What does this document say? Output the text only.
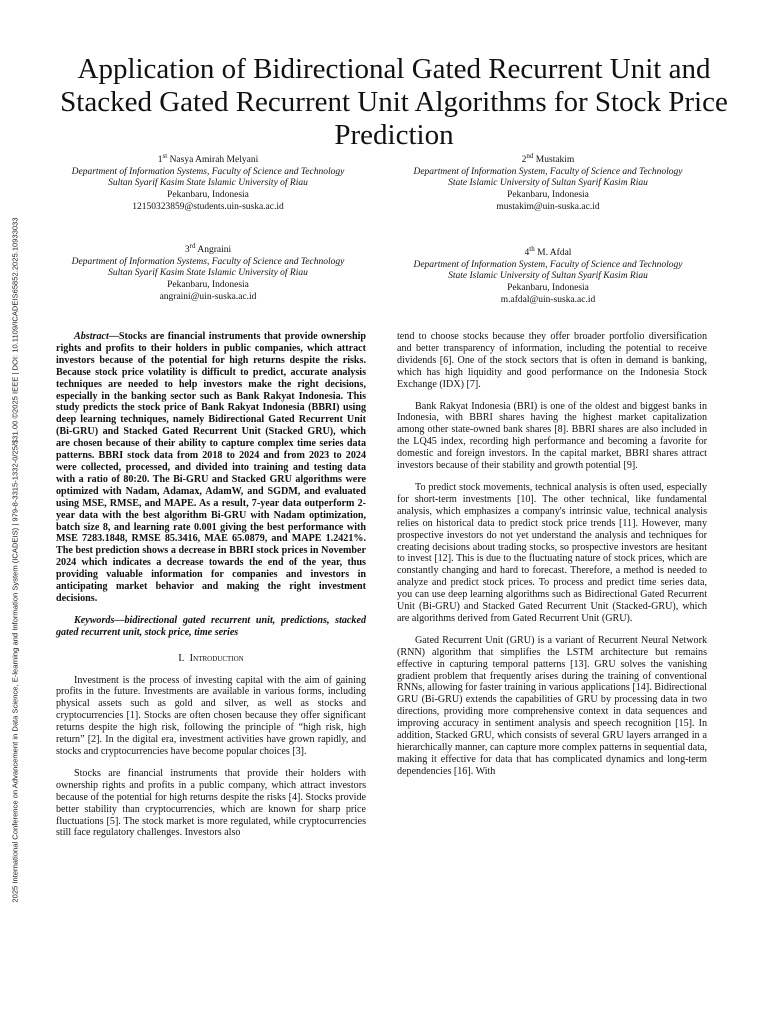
2025 International Conference on Advancement in Data Science, E-learning and Information System (ICADEIS) | 979-8-3315-1332-0/25/$31.00 ©2025 IEEE | DOI: 10.1109/ICADEIS65852.2025.10933033
Application of Bidirectional Gated Recurrent Unit and Stacked Gated Recurrent Unit Algorithms for Stock Price Prediction
1st Nasya Amirah Melyani
Department of Information Systems, Faculty of Science and Technology
Sultan Syarif Kasim State Islamic University of Riau
Pekanbaru, Indonesia
12150323859@students.uin-suska.ac.id
2nd Mustakim
Department of Information System, Faculty of Science and Technology
State Islamic University of Sultan Syarif Kasim Riau
Pekanbaru, Indonesia
mustakim@uin-suska.ac.id
3rd Angraini
Department of Information Systems, Faculty of Science and Technology
Sultan Syarif Kasim State Islamic University of Riau
Pekanbaru, Indonesia
angraini@uin-suska.ac.id
4th M. Afdal
Department of Information System, Faculty of Science and Technology
State Islamic University of Sultan Syarif Kasim Riau
Pekanbaru, Indonesia
m.afdal@uin-suska.ac.id

Abstract—Stocks are financial instruments that provide ownership rights and profits to their holders in public companies, which attract investors because of the potential for high returns despite the risks. Because stock price volatility is difficult to predict, accurate analysis techniques are needed to help investors make the right decisions, especially in the banking sector such as Bank Rakyat Indonesia. This study predicts the stock price of Bank Rakyat Indonesia (BBRI) using deep learning techniques, namely Bidirectional Gated Recurrent Unit (Bi-GRU) and Stacked Gated Recurrent Unit (Stacked GRU), which are chosen because of their ability to capture complex time series data patterns. BBRI stock data from 2018 to 2024 and from 2023 to 2024 were collected, processed, and divided into training and testing data with a ratio of 80:20. The Bi-GRU and Stacked GRU algorithms were optimized with Nadam, Adamax, AdamW, and SGDM, and evaluated using MSE, RMSE, and MAPE. As a result, 7-year data outperform 2-year data with the best algorithm Bi-GRU with Nadam optimization, batch size 8, and learning rate 0.001 giving the best performance with MSE 7283.1848, RMSE 85.3416, MAE 65.0879, and MAPE 1.2421%. The best prediction shows a decrease in BBRI stock prices in November 2024 which indicates a decrease towards the end of the year, thus providing valuable information for companies and investors in anticipating market behavior and making the right investment decisions.

Keywords—bidirectional gated recurrent unit, predictions, stacked gated recurrent unit, stock price, time series

I. Introduction

Investment is the process of investing capital with the aim of gaining profits in the future. Investments are available in various forms, including physical assets such as gold and silver, as well as stocks and cryptocurrencies [1]. Stocks are often chosen because they offer significant returns despite the high risk, following the principle of “high risk, high return” [2]. In the digital era, investment activities have grown rapidly, and stocks and cryptocurrencies have become popular choices [3].

Stocks are financial instruments that provide their holders with ownership rights and profits in a public company, which attract investors because of the potential for high returns despite the risks [4]. Stocks provide better stability than cryptocurrencies, which are known for sharp price fluctuations [5]. The stock market is more regulated, while cryptocurrencies still face regulatory challenges. Investors also

tend to choose stocks because they offer broader portfolio diversification and better transparency of information, including the potential to receive dividends [6]. One of the stock sectors that is often in demand is banking, which has high liquidity and good performance on the Indonesia Stock Exchange (IDX) [7].

Bank Rakyat Indonesia (BRI) is one of the oldest and biggest banks in Indonesia, with BBRI shares having the highest market capitalization among other state-owned bank shares [8]. BBRI shares are also included in the LQ45 index, recording high performance and becoming a favorite for domestic and foreign investors. In the capital market, BBRI shares attract investors because of their stability and growth potential [9].

To predict stock movements, technical analysis is often used, especially for short-term investments [10]. The other technical, like fundamental analysis, which emphasizes a company's intrinsic value, technical analysis relies on historical data to predict stock price trends [11]. However, many prospective investors do not yet understand the analysis and techniques for creating decisions about trading stocks, so prospective investors are hesitant to invest [12]. This is due to the fluctuating nature of stock prices, which are constantly changing and hard to forecast. Therefore, a method is needed to analyze and predict stock prices. To process and predict time series data, you can use deep learning algorithms such as Bidirectional Gated Recurrent Unit (Bi-GRU) and Stacked Gated Recurrent Unit (Stacked-GRU), which are algorithms derived from Gated Recurrent Unit (GRU).

Gated Recurrent Unit (GRU) is a variant of Recurrent Neural Network (RNN) algorithm that simplifies the LSTM architecture but remains effective in capturing temporal patterns [13]. GRU solves the vanishing gradient problem that frequently arises during the training of conventional RNNs, allowing for faster training in various applications [14]. Bidirectional GRU (Bi-GRU) extends the capabilities of GRU by processing data in two directions, providing more comprehensive context in data sequences and improving accuracy in sentiment analysis and speech recognition [15]. In addition, Stacked GRU, which consists of several GRU layers arranged in a hierarchically manner, can capture more complex patterns in sequential data, making it effective for data that has complicated dynamics and long-term dependencies [16]. With
